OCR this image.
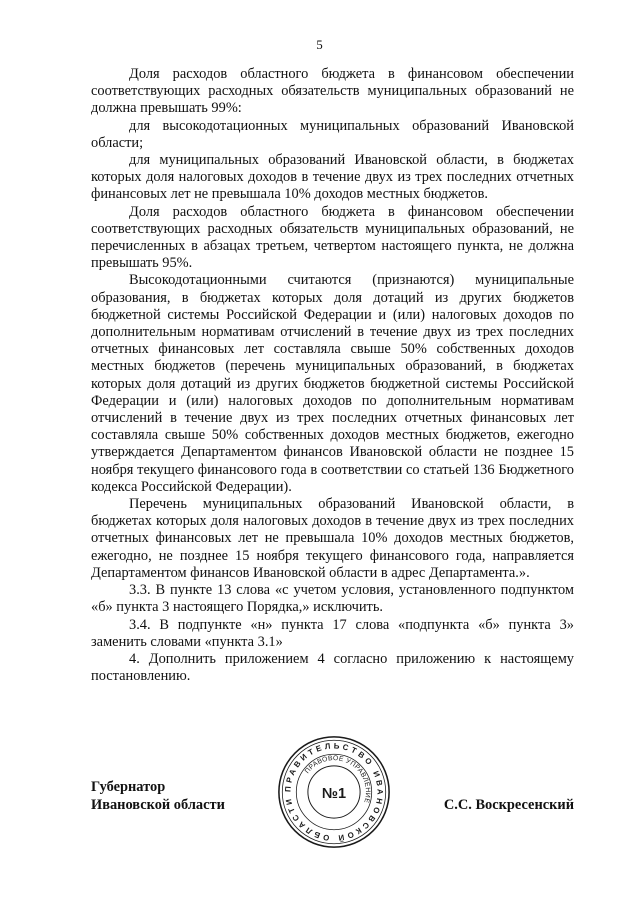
5

Доля расходов областного бюджета в финансовом обеспечении соответствующих расходных обязательств муниципальных образований не должна превышать 99%:

для высокодотационных муниципальных образований Ивановской области;

для муниципальных образований Ивановской области, в бюджетах которых доля налоговых доходов в течение двух из трех последних отчетных финансовых лет не превышала 10% доходов местных бюджетов.

Доля расходов областного бюджета в финансовом обеспечении соответствующих расходных обязательств муниципальных образований, не перечисленных в абзацах третьем, четвертом настоящего пункта, не должна превышать 95%.

Высокодотационными считаются (признаются) муниципальные образования, в бюджетах которых доля дотаций из других бюджетов бюджетной системы Российской Федерации и (или) налоговых доходов по дополнительным нормативам отчислений в течение двух из трех последних отчетных финансовых лет составляла свыше 50% собственных доходов местных бюджетов (перечень муниципальных образований, в бюджетах которых доля дотаций из других бюджетов бюджетной системы Российской Федерации и (или) налоговых доходов по дополнительным нормативам отчислений в течение двух из трех последних отчетных финансовых лет составляла свыше 50% собственных доходов местных бюджетов, ежегодно утверждается Департаментом финансов Ивановской области не позднее 15 ноября текущего финансового года в соответствии со статьей 136 Бюджетного кодекса Российской Федерации).

Перечень муниципальных образований Ивановской области, в бюджетах которых доля налоговых доходов в течение двух из трех последних отчетных финансовых лет не превышала 10% доходов местных бюджетов, ежегодно, не позднее 15 ноября текущего финансового года, направляется Департаментом финансов Ивановской области в адрес Департамента.».

3.3. В пункте 13 слова «с учетом условия, установленного подпунктом «б» пункта 3 настоящего Порядка,» исключить.

3.4. В подпункте «н» пункта 17 слова «подпункта «б» пункта 3» заменить словами «пункта 3.1»

4. Дополнить приложением 4 согласно приложению к настоящему постановлению.

Губернатор
Ивановской области	С.С. Воскресенский
ПРАВИТЕЛЬСТВО ИВАНОВСКОЙ ОБЛАСТИ
ПРАВОВОЕ УПРАВЛЕНИЕ
№1
